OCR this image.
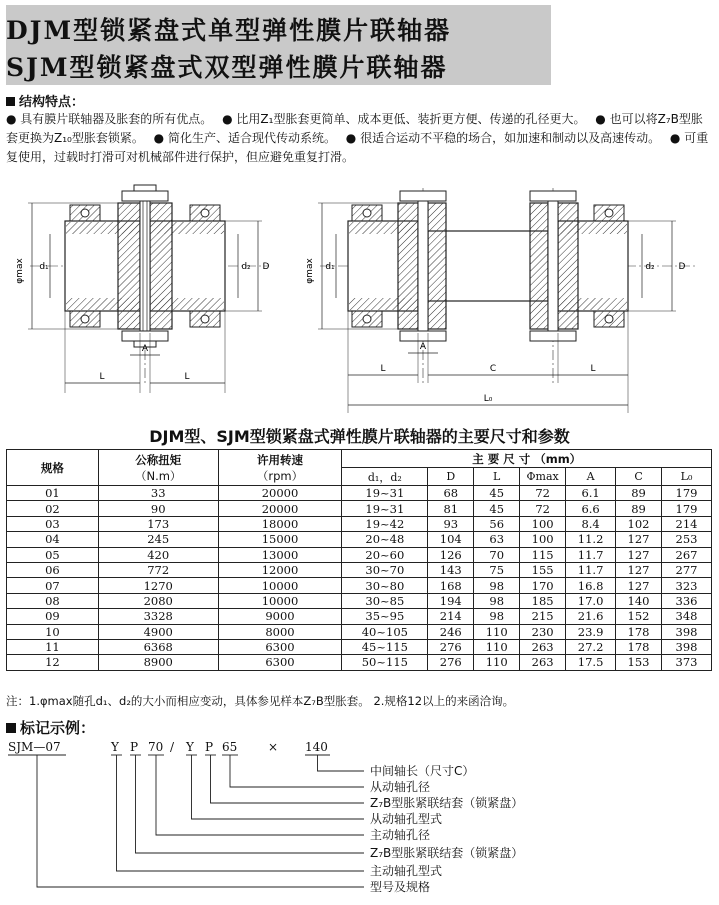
DJM型锁紧盘式单型弹性膜片联轴器
SJM型锁紧盘式双型弹性膜片联轴器
结构特点：
● 具有膜片联轴器及胀套的所有优点。 ● 比用Z₁型胀套更简单、成本更低、装折更方便、传递的孔径更大。 ● 也可以将Z₇B型胀套更换为Z₁₀型胀套锁紧。 ● 简化生产、适合现代传动系统。 ● 很适合运动不平稳的场合，如加速和制动以及高速传动。 ● 可重复使用，过载时打滑可对机械部件进行保护，但应避免重复打滑。
φmax d₁	d₂ D
L
A
L
φmax d₁	d₂	D
L
A
C	L
L₀
DJM型、SJM型锁紧盘式弹性膜片联轴器的主要尺寸和参数
规格	公称扭矩
（N.m）	许用转速
（rpm）	主 要 尺 寸 （mm）						
			d₁，d₂	D	L	Φmax	A	C	L₀
01	33	20000	19~31	68	45	72	6.1	89	179
02	90	20000	19~31	81	45	72	6.6	89	179
03	173	18000	19~42	93	56	100	8.4	102	214
04	245	15000	20~48	104	63	100	11.2	127	253
05	420	13000	20~60	126	70	115	11.7	127	267
06	772	12000	30~70	143	75	155	11.7	127	277
07	1270	10000	30~80	168	98	170	16.8	127	323
08	2080	10000	30~85	194	98	185	17.0	140	336
09	3328	9000	35~95	214	98	215	21.6	152	348
10	4900	8000	40~105	246	110	230	23.9	178	398
11	6368	6300	45~115	276	110	263	27.2	178	398
12	8900	6300	50~115	276	110	263	17.5	153	373
注：1.φmax随孔d₁、d₂的大小而相应变动，具体参见样本Z₇B型胀套。 2.规格12以上的来函洽询。
标记示例：
SJM—07	Y P 70 / Y P 65	× 140
中间轴长（尺寸C）
从动轴孔径
Z₇B型胀紧联结套（锁紧盘）
从动轴孔型式
主动轴孔径
Z₇B型胀紧联结套（锁紧盘）
主动轴孔型式
型号及规格
